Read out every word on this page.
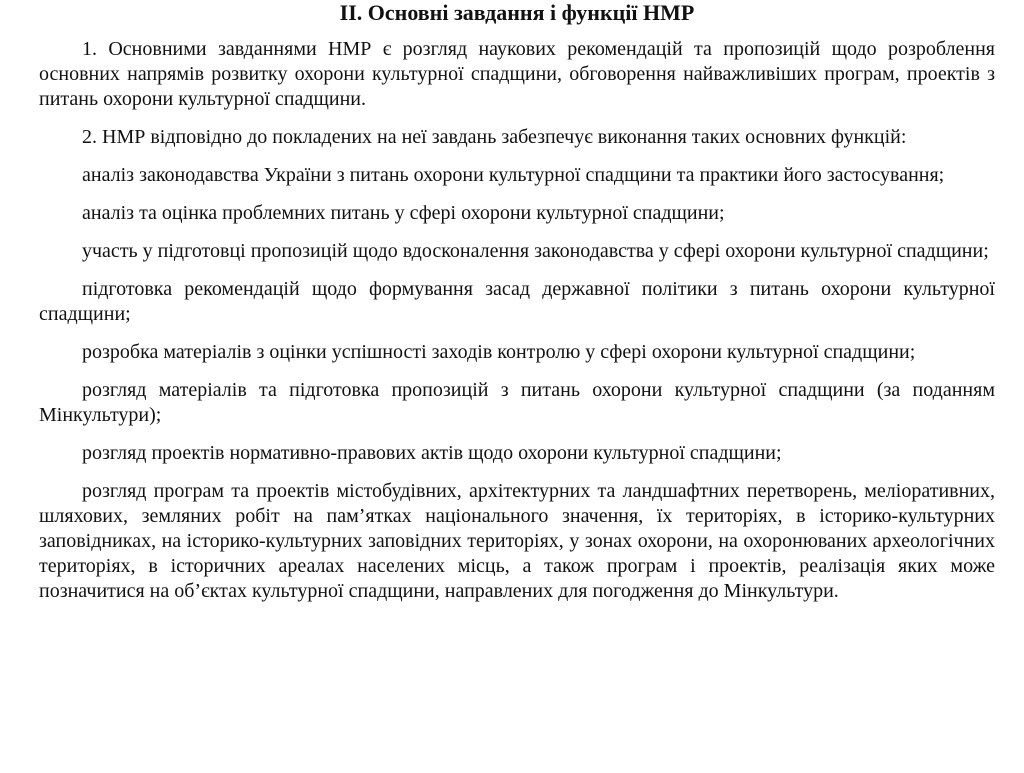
II. Основні завдання і функції НМР

1. Основними завданнями НМР є розгляд наукових рекомендацій та пропозицій щодо розроблення основних напрямів розвитку охорони культурної спадщини, обговорення найважливіших програм, проектів з питань охорони культурної спадщини.

2. НМР відповідно до покладених на неї завдань забезпечує виконання таких основних функцій:

аналіз законодавства України з питань охорони культурної спадщини та практики його застосування;

аналіз та оцінка проблемних питань у сфері охорони культурної спадщини;

участь у підготовці пропозицій щодо вдосконалення законодавства у сфері охорони культурної спадщини;

підготовка рекомендацій щодо формування засад державної політики з питань охорони культурної спадщини;

розробка матеріалів з оцінки успішності заходів контролю у сфері охорони культурної спадщини;

розгляд матеріалів та підготовка пропозицій з питань охорони культурної спадщини (за поданням Мінкультури);

розгляд проектів нормативно-правових актів щодо охорони культурної спадщини;

розгляд програм та проектів містобудівних, архітектурних та ландшафтних перетворень, меліоративних, шляхових, земляних робіт на пам’ятках національного значення, їх територіях, в історико-культурних заповідниках, на історико-культурних заповідних територіях, у зонах охорони, на охоронюваних археологічних територіях, в історичних ареалах населених місць, а також програм і проектів, реалізація яких може позначитися на об’єктах культурної спадщини, направлених для погодження до Мінкультури.
